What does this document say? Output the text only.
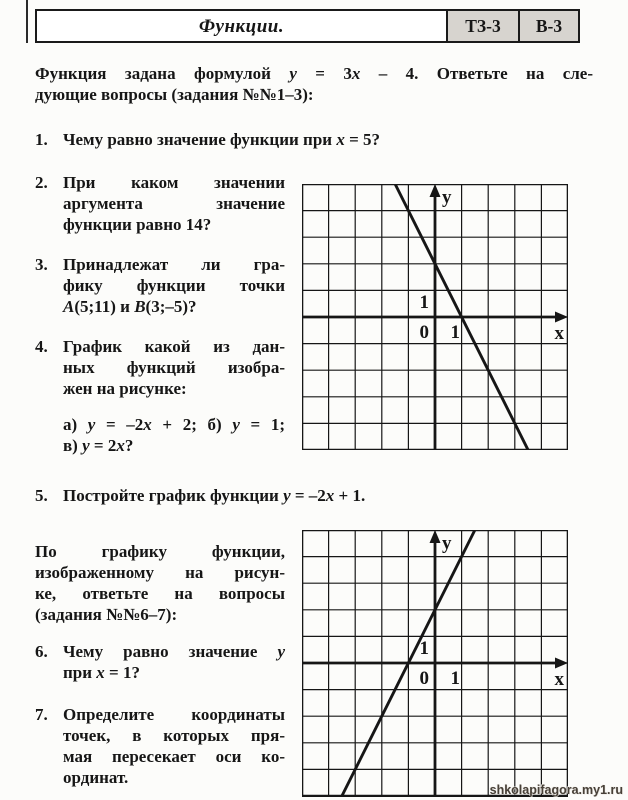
Функции.	ТЗ-3	В-3
Функция задана формулой y = 3x – 4. Ответьте на сле-
дующие вопросы (задания №№1–3):
1. Чему равно значение функции при x = 5?
2. При каком значении
аргумента значение
функции равно 14?
3. Принадлежат ли гра-
фику функции точки
A(5;11) и B(3;–5)?
4. График какой из дан-
ных функций изобра-
жен на рисунке:
а) y = –2x + 2; б) y = 1;
в) y = 2x?
y
x
1
0 1
5. Постройте график функции y = –2x + 1.
По графику функции,
изображенному на рисун-
ке, ответьте на вопросы
(задания №№6–7):
6. Чему равно значение y
при x = 1?
7. Определите координаты
точек, в которых пря-
мая пересекает оси ко-
ординат.
y
x
1
0 1
shkolapifagora.my1.ru
